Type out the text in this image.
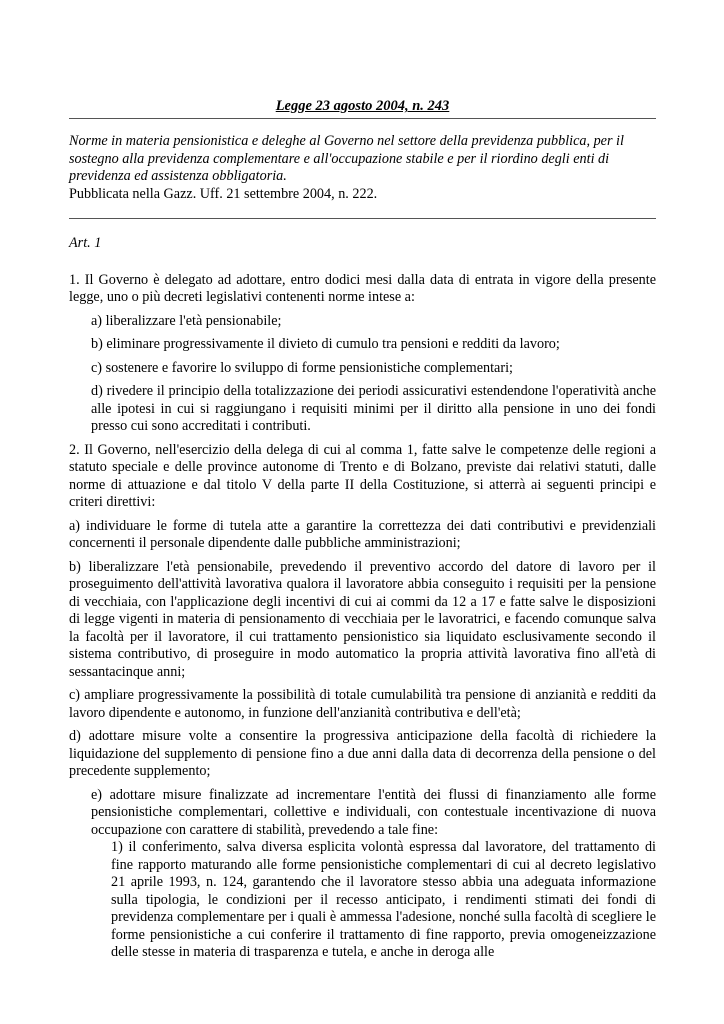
Legge 23 agosto 2004, n. 243
Norme in materia pensionistica e deleghe al Governo nel settore della previdenza pubblica, per il sostegno alla previdenza complementare e all'occupazione stabile e per il riordino degli enti di previdenza ed assistenza obbligatoria.
Pubblicata nella Gazz. Uff. 21 settembre 2004, n. 222.
Art. 1

1. Il Governo è delegato ad adottare, entro dodici mesi dalla data di entrata in vigore della presente legge, uno o più decreti legislativi contenenti norme intese a:

a) liberalizzare l'età pensionabile;

b) eliminare progressivamente il divieto di cumulo tra pensioni e redditi da lavoro;

c) sostenere e favorire lo sviluppo di forme pensionistiche complementari;

d) rivedere il principio della totalizzazione dei periodi assicurativi estendendone l'operatività anche alle ipotesi in cui si raggiungano i requisiti minimi per il diritto alla pensione in uno dei fondi presso cui sono accreditati i contributi.

2. Il Governo, nell'esercizio della delega di cui al comma 1, fatte salve le competenze delle regioni a statuto speciale e delle province autonome di Trento e di Bolzano, previste dai relativi statuti, dalle norme di attuazione e dal titolo V della parte II della Costituzione, si atterrà ai seguenti principi e criteri direttivi:

a) individuare le forme di tutela atte a garantire la correttezza dei dati contributivi e previdenziali concernenti il personale dipendente dalle pubbliche amministrazioni;

b) liberalizzare l'età pensionabile, prevedendo il preventivo accordo del datore di lavoro per il proseguimento dell'attività lavorativa qualora il lavoratore abbia conseguito i requisiti per la pensione di vecchiaia, con l'applicazione degli incentivi di cui ai commi da 12 a 17 e fatte salve le disposizioni di legge vigenti in materia di pensionamento di vecchiaia per le lavoratrici, e facendo comunque salva la facoltà per il lavoratore, il cui trattamento pensionistico sia liquidato esclusivamente secondo il sistema contributivo, di proseguire in modo automatico la propria attività lavorativa fino all'età di sessantacinque anni;

c) ampliare progressivamente la possibilità di totale cumulabilità tra pensione di anzianità e redditi da lavoro dipendente e autonomo, in funzione dell'anzianità contributiva e dell'età;

d) adottare misure volte a consentire la progressiva anticipazione della facoltà di richiedere la liquidazione del supplemento di pensione fino a due anni dalla data di decorrenza della pensione o del precedente supplemento;

e) adottare misure finalizzate ad incrementare l'entità dei flussi di finanziamento alle forme pensionistiche complementari, collettive e individuali, con contestuale incentivazione di nuova occupazione con carattere di stabilità, prevedendo a tale fine:

1) il conferimento, salva diversa esplicita volontà espressa dal lavoratore, del trattamento di fine rapporto maturando alle forme pensionistiche complementari di cui al decreto legislativo 21 aprile 1993, n. 124, garantendo che il lavoratore stesso abbia una adeguata informazione sulla tipologia, le condizioni per il recesso anticipato, i rendimenti stimati dei fondi di previdenza complementare per i quali è ammessa l'adesione, nonché sulla facoltà di scegliere le forme pensionistiche a cui conferire il trattamento di fine rapporto, previa omogeneizzazione delle stesse in materia di trasparenza e tutela, e anche in deroga alle
